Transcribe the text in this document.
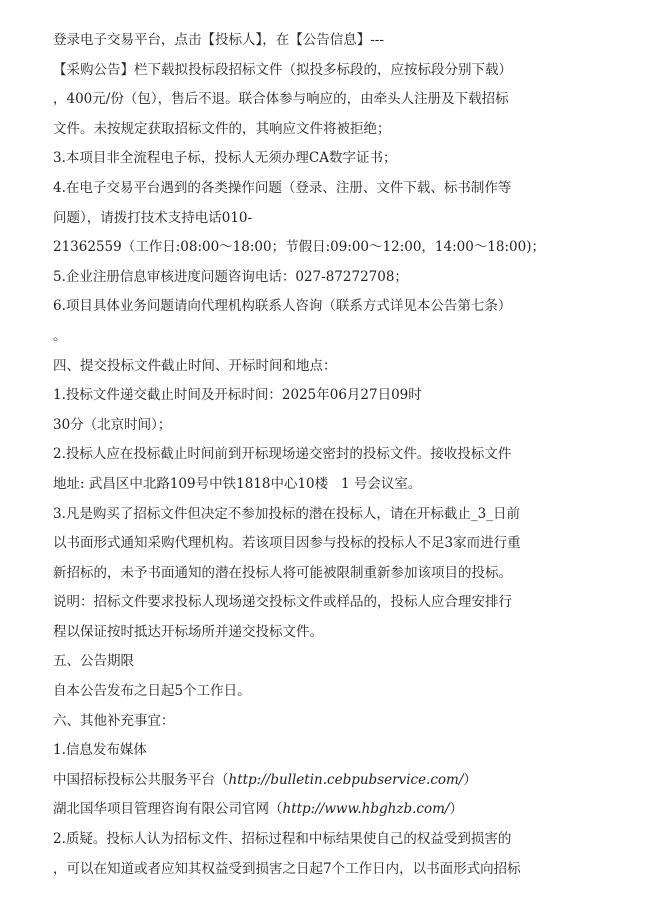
登录电子交易平台，点击【投标人】，在【公告信息】---
【采购公告】栏下载拟投标段招标文件（拟投多标段的，应按标段分别下载）
，400元/份（包），售后不退。联合体参与响应的，由牵头人注册及下载招标
文件。未按规定获取招标文件的，其响应文件将被拒绝；
3.本项目非全流程电子标，投标人无须办理CA数字证书；
4.在电子交易平台遇到的各类操作问题（登录、注册、文件下载、标书制作等
问题），请拨打技术支持电话010-
21362559（工作日:08:00～18:00；节假日:09:00～12:00，14:00～18:00)；
5.企业注册信息审核进度问题咨询电话：027-87272708；
6.项目具体业务问题请向代理机构联系人咨询（联系方式详见本公告第七条）
。
四、提交投标文件截止时间、开标时间和地点：
1.投标文件递交截止时间及开标时间：2025年06月27日09时
30分（北京时间）；
2.投标人应在投标截止时间前到开标现场递交密封的投标文件。接收投标文件
地址: 武昌区中北路109号中铁1818中心10楼   1 号会议室。
3.凡是购买了招标文件但决定不参加投标的潜在投标人，请在开标截止_3_日前
以书面形式通知采购代理机构。若该项目因参与投标的投标人不足3家而进行重
新招标的，未予书面通知的潜在投标人将可能被限制重新参加该项目的投标。
说明：招标文件要求投标人现场递交投标文件或样品的，投标人应合理安排行
程以保证按时抵达开标场所并递交投标文件。
五、公告期限
自本公告发布之日起5个工作日。
六、其他补充事宜：
1.信息发布媒体
中国招标投标公共服务平台（http://bulletin.cebpubservice.com/）
湖北国华项目管理咨询有限公司官网（http://www.hbghzb.com/）
2.质疑。投标人认为招标文件、招标过程和中标结果使自己的权益受到损害的
，可以在知道或者应知其权益受到损害之日起7个工作日内，以书面形式向招标
